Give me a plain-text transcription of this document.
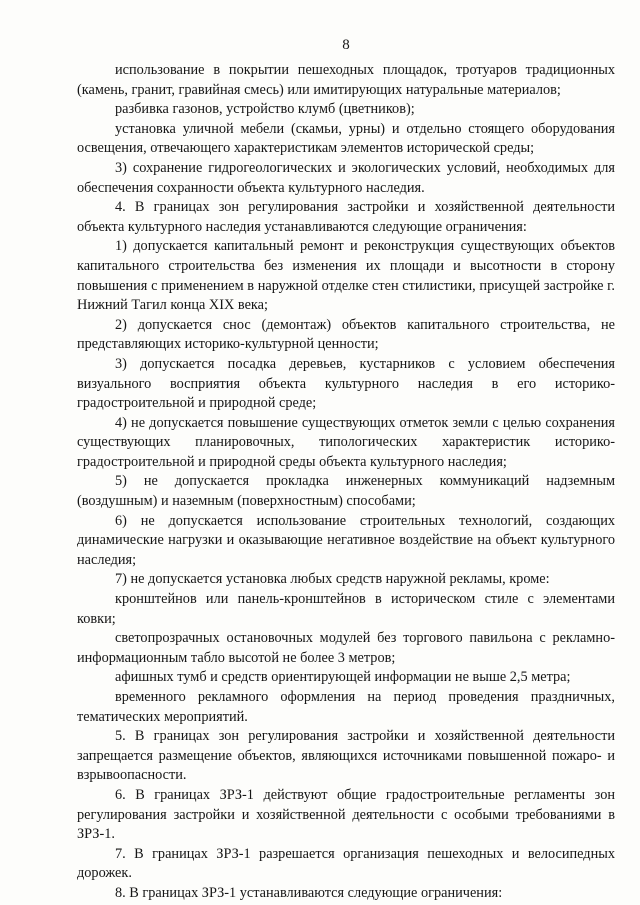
8

использование в покрытии пешеходных площадок, тротуаров традиционных (камень, гранит, гравийная смесь) или имитирующих натуральные материалов;

разбивка газонов, устройство клумб (цветников);

установка уличной мебели (скамьи, урны) и отдельно стоящего оборудования освещения, отвечающего характеристикам элементов исторической среды;

3) сохранение гидрогеологических и экологических условий, необходимых для обеспечения сохранности объекта культурного наследия.

4. В границах зон регулирования застройки и хозяйственной деятельности объекта культурного наследия устанавливаются следующие ограничения:

1) допускается капитальный ремонт и реконструкция существующих объектов капитального строительства без изменения их площади и высотности в сторону повышения с применением в наружной отделке стен стилистики, присущей застройке г. Нижний Тагил конца XIX века;

2) допускается снос (демонтаж) объектов капитального строительства, не представляющих историко-культурной ценности;

3) допускается посадка деревьев, кустарников с условием обеспечения визуального восприятия объекта культурного наследия в его историко-градостроительной и природной среде;

4) не допускается повышение существующих отметок земли с целью сохранения существующих планировочных, типологических характеристик историко-градостроительной и природной среды объекта культурного наследия;

5) не допускается прокладка инженерных коммуникаций надземным (воздушным) и наземным (поверхностным) способами;

6) не допускается использование строительных технологий, создающих динамические нагрузки и оказывающие негативное воздействие на объект культурного наследия;

7) не допускается установка любых средств наружной рекламы, кроме:

кронштейнов или панель-кронштейнов в историческом стиле с элементами ковки;

светопрозрачных остановочных модулей без торгового павильона с рекламно-информационным табло высотой не более 3 метров;

афишных тумб и средств ориентирующей информации не выше 2,5 метра;

временного рекламного оформления на период проведения праздничных, тематических мероприятий.

5. В границах зон регулирования застройки и хозяйственной деятельности запрещается размещение объектов, являющихся источниками повышенной пожаро- и взрывоопасности.

6. В границах ЗРЗ-1 действуют общие градостроительные регламенты зон регулирования застройки и хозяйственной деятельности с особыми требованиями в ЗРЗ-1.

7. В границах ЗРЗ-1 разрешается организация пешеходных и велосипедных дорожек.

8. В границах ЗРЗ-1 устанавливаются следующие ограничения:
